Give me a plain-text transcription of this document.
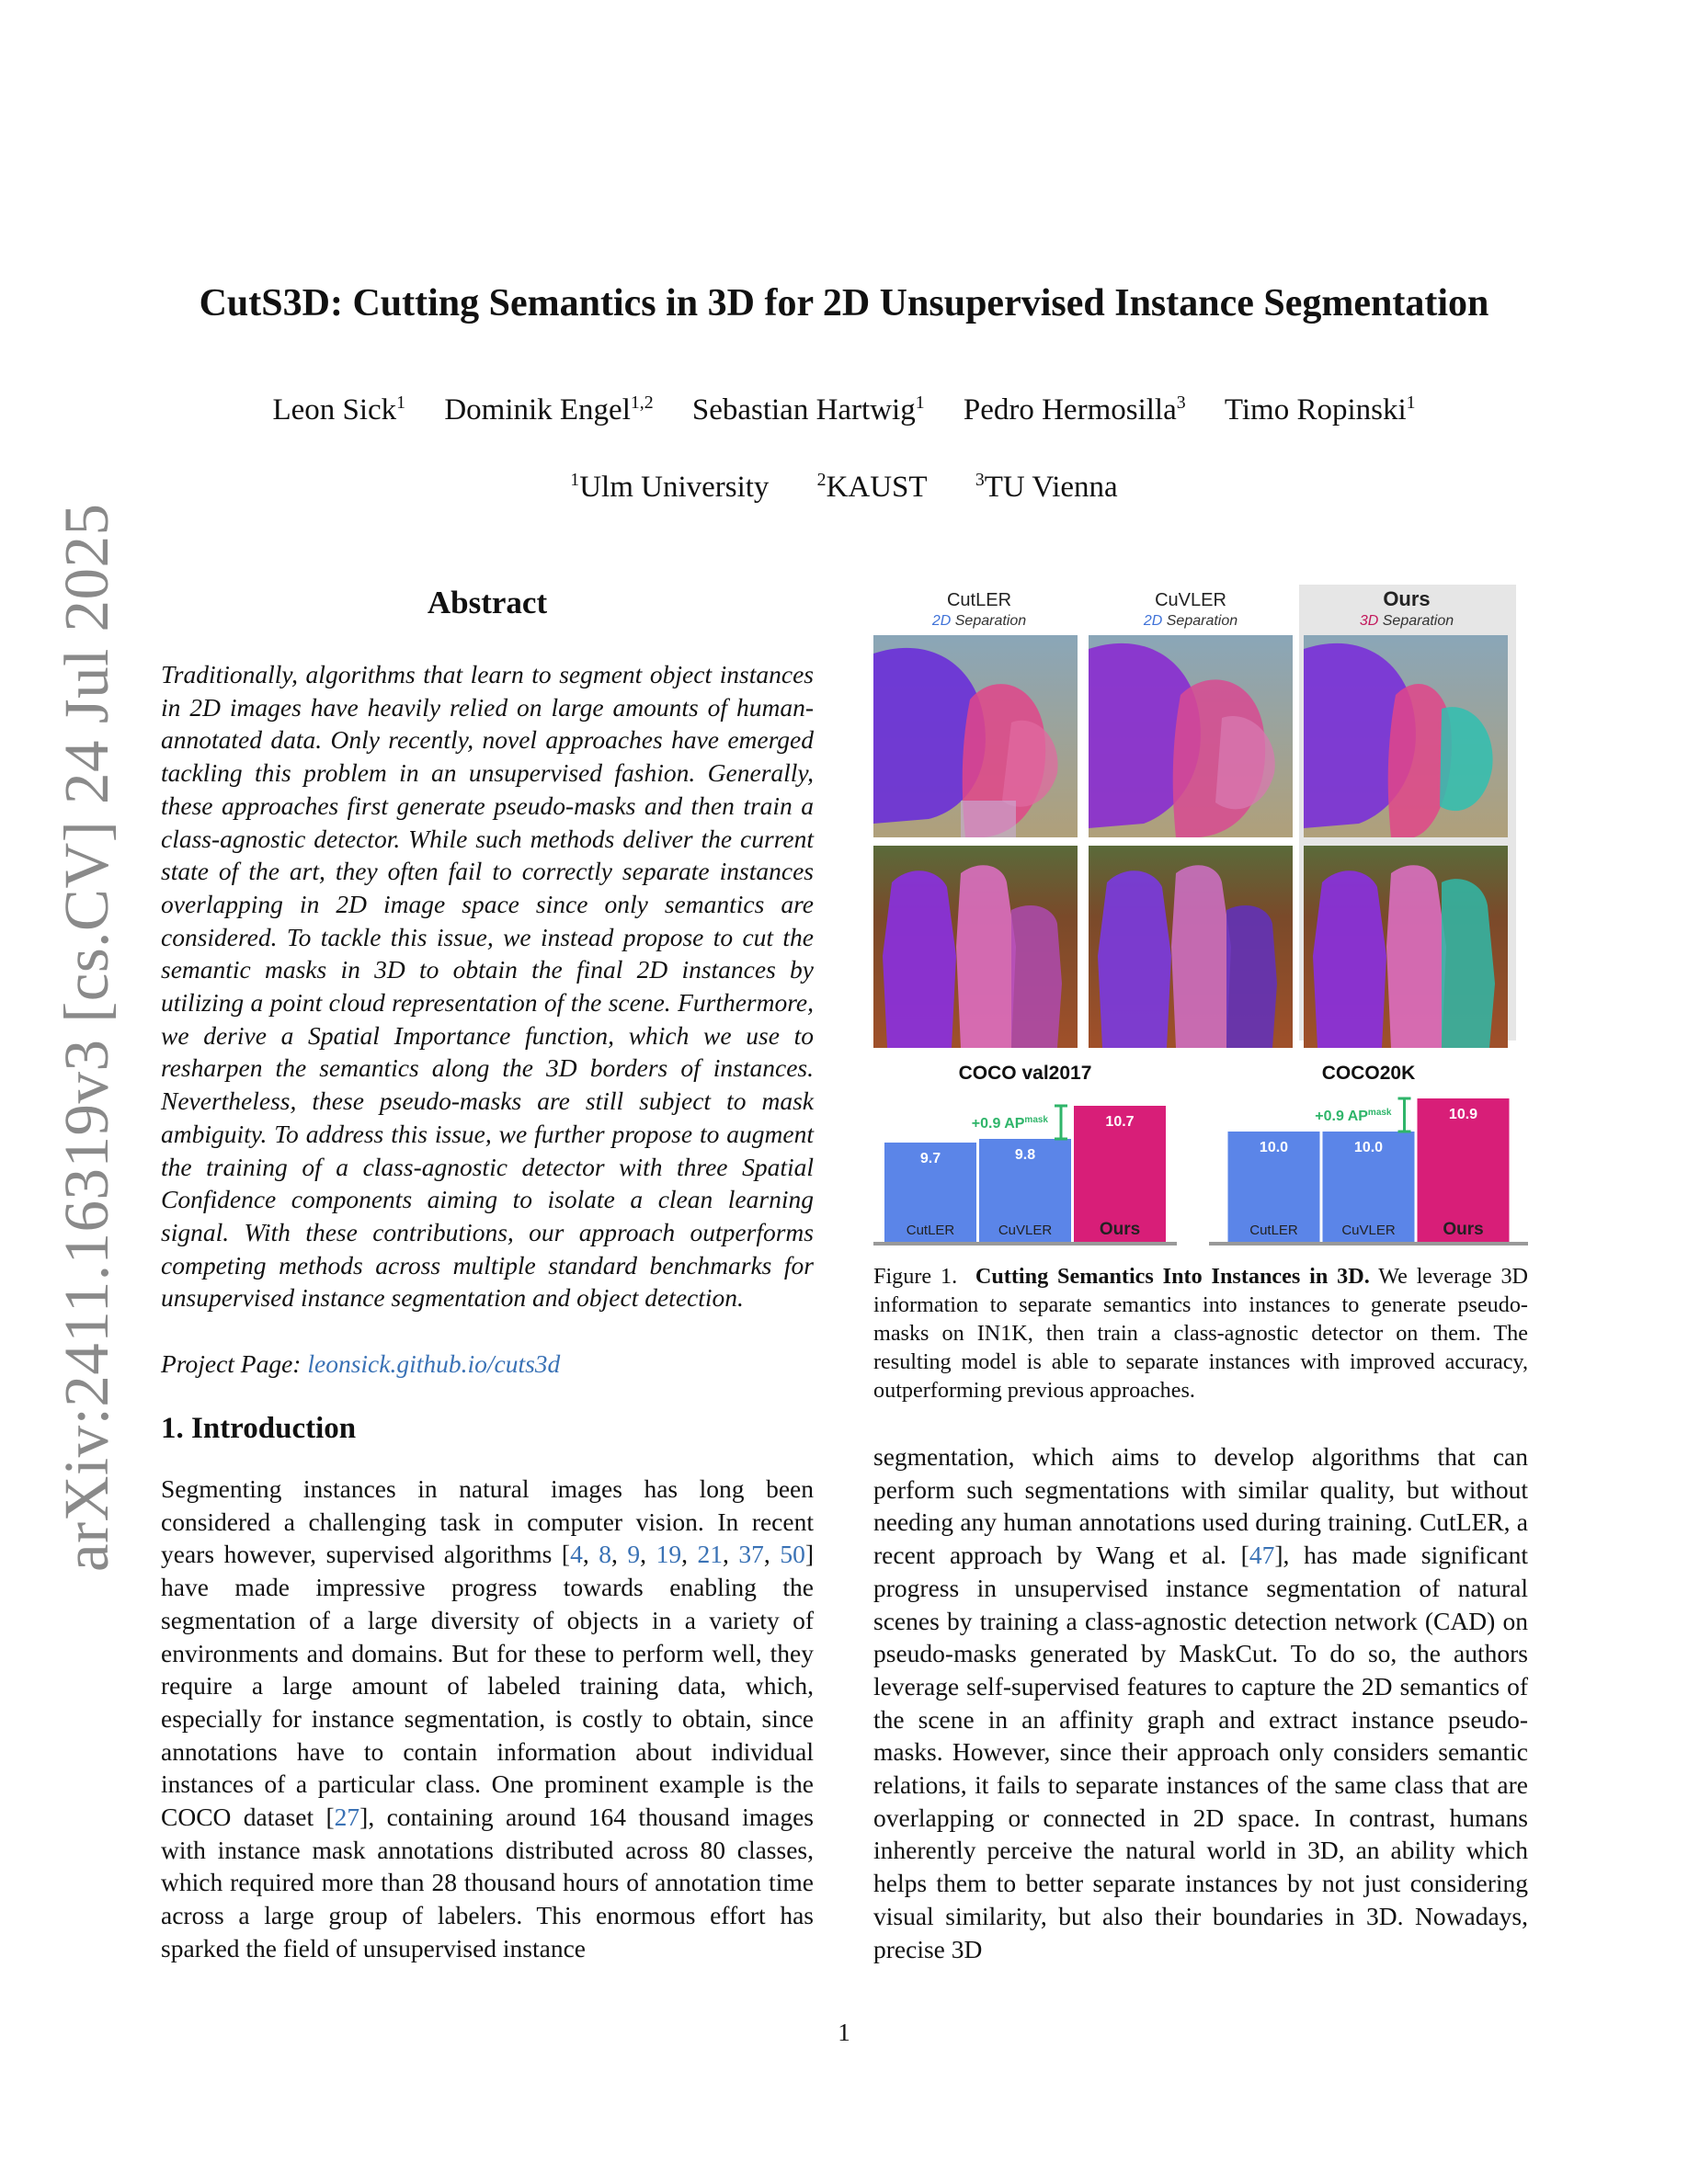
arXiv:2411.16319v3 [cs.CV] 24 Jul 2025
CutS3D: Cutting Semantics in 3D for 2D Unsupervised Instance Segmentation
Leon Sick$^1$ Dominik Engel$^{1,2}$ Sebastian Hartwig$^1$ Pedro Hermosilla$^3$ Timo Ropinski$^1$
$^1$Ulm University	$^2$KAUST	$^3$TU Vienna
Abstract
Traditionally, algorithms that learn to segment object instances in 2D images have heavily relied on large amounts of human-annotated data. Only recently, novel approaches have emerged tackling this problem in an unsupervised fashion. Generally, these approaches first generate pseudo-masks and then train a class-agnostic detector. While such methods deliver the current state of the art, they often fail to correctly separate instances overlapping in 2D image space since only semantics are considered. To tackle this issue, we instead propose to cut the semantic masks in 3D to obtain the final 2D instances by utilizing a point cloud representation of the scene. Furthermore, we derive a Spatial Importance function, which we use to resharpen the semantics along the 3D borders of instances. Nevertheless, these pseudo-masks are still subject to mask ambiguity. To address this issue, we further propose to augment the training of a class-agnostic detector with three Spatial Confidence components aiming to isolate a clean learning signal. With these contributions, our approach outperforms competing methods across multiple standard benchmarks for unsupervised instance segmentation and object detection.
Project Page: leonsick.github.io/cuts3d
1. Introduction
Segmenting instances in natural images has long been considered a challenging task in computer vision. In recent years however, supervised algorithms [4, 8, 9, 19, 21, 37, 50] have made impressive progress towards enabling the segmentation of a large diversity of objects in a variety of environments and domains. But for these to perform well, they require a large amount of labeled training data, which, especially for instance segmentation, is costly to obtain, since annotations have to contain information about individual instances of a particular class. One prominent example is the COCO dataset [27], containing around 164 thousand images with instance mask annotations distributed across 80 classes, which required more than 28 thousand hours of annotation time across a large group of labelers. This enormous effort has sparked the field of unsupervised instance
CutLER	CuVLER	Ours
2D Separation	2D Separation	3D Separation
COCO val2017
9.7
CutLER
9.8
CuVLER
10.7
Ours
+0.9 $AP^{mask}$
COCO20K
10.0
CutLER
10.0
CuVLER
10.9
Ours
+0.9 $AP^{mask}$
Figure 1. Cutting Semantics Into Instances in 3D. We leverage 3D information to separate semantics into instances to generate pseudo-masks on IN1K, then train a class-agnostic detector on them. The resulting model is able to separate instances with improved accuracy, outperforming previous approaches.
segmentation, which aims to develop algorithms that can perform such segmentations with similar quality, but without needing any human annotations used during training. CutLER, a recent approach by Wang et al. [47], has made significant progress in unsupervised instance segmentation of natural scenes by training a class-agnostic detection network (CAD) on pseudo-masks generated by MaskCut. To do so, the authors leverage self-supervised features to capture the 2D semantics of the scene in an affinity graph and extract instance pseudo-masks. However, since their approach only considers semantic relations, it fails to separate instances of the same class that are overlapping or connected in 2D space. In contrast, humans inherently perceive the natural world in 3D, an ability which helps them to better separate instances by not just considering visual similarity, but also their boundaries in 3D. Nowadays, precise 3D
1
